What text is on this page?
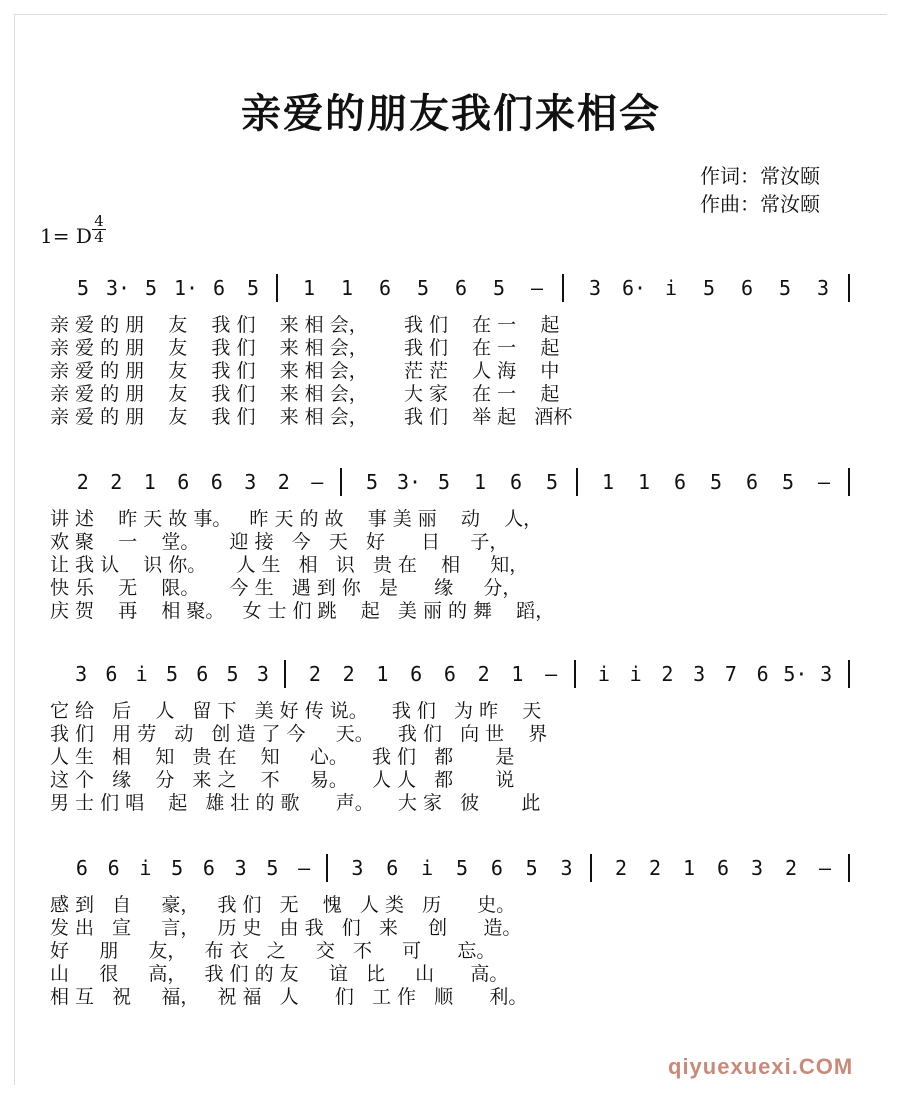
亲爱的朋友我们来相会
作词：常汝颐
作曲：常汝颐
1= D $\frac{4}{4}$
5 3· 5 1· 6 5 1 1 6 5 6 5 — 3 6· i 5 6 5 3
2 2 1 6 6 3 2 — 5 3· 5 1 6 5 1 1 6 5 6 5 —
3 6 i 5 6 5 3 2 2 1 6 6 2 1 — i i 2 3 7 6 5· 3
6 6 i 5 6 3 5 — 3 6 i 5 6 5 3 2 2 1 6 3 2 —
亲 爱 的 朋    友    我 们    来 相 会，      我 们    在 一    起
亲 爱 的 朋    友    我 们    来 相 会，      我 们    在 一    起
亲 爱 的 朋    友    我 们    来 相 会，      茫 茫    人 海    中
亲 爱 的 朋    友    我 们    来 相 会，      大 家    在 一    起
亲 爱 的 朋    友    我 们    来 相 会，      我 们    举 起   酒杯
讲 述    昨 天 故 事。   昨 天 的 故    事 美 丽    动    人，
欢 聚    一    堂。     迎 接   今   天   好      日     子，
让 我 认    识 你。     人 生   相   识   贵 在    相     知，
快 乐    无    限。     今 生   遇 到 你   是      缘     分，
庆 贺    再    相 聚。   女 士 们 跳    起   美 丽 的 舞    蹈，
它 给   后    人   留 下   美 好 传 说。    我 们   为 昨    天
我 们   用 劳   动   创 造 了 今     天。    我 们   向 世    界
人 生   相    知   贵 在    知     心。    我 们   都       是
这 个   缘    分   来 之    不     易。    人 人   都       说
男 士 们 唱    起   雄 壮 的 歌      声。    大 家   彼       此
感 到   自     豪，   我 们   无    愧   人 类   历      史。
发 出   宣     言，   历 史   由 我   们   来     创      造。
好     朋     友，   布 衣   之     交   不     可      忘。
山     很     高，   我 们 的 友     谊   比     山      高。
相 互   祝     福，   祝 福   人      们   工 作   顺      利。
qiyuexuexi.COM
